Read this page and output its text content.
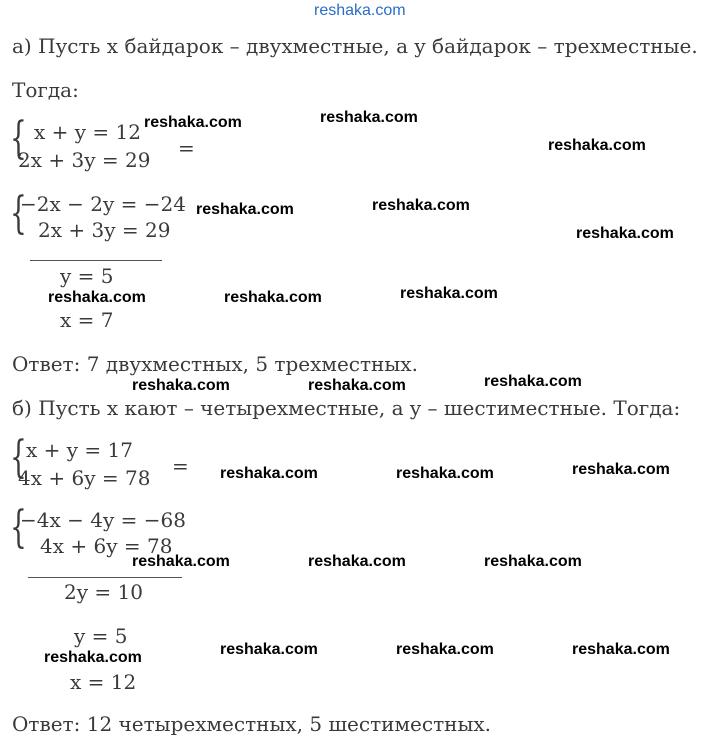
reshaka.com
а) Пусть x байдарок – двухместные, а y байдарок – трехместные.
Тогда:
{ x + y = 12
2x + 3y = 29 =
{
−2x − 2y = −24
2x + 3y = 29
y = 5
x = 7
Ответ: 7 двухместных, 5 трехместных.
б) Пусть x кают – четырехместные, а y – шестиместные. Тогда:
{ x + y = 17
4x + 6y = 78 =
{
−4x − 4y = −68
4x + 6y = 78
2y = 10
y = 5
x = 12
Ответ: 12 четырехместных, 5 шестиместных.
reshaka.com	reshaka.com
reshaka.com
reshaka.com	reshaka.com
reshaka.com
reshaka.com	reshaka.com	reshaka.com
reshaka.com	reshaka.com	reshaka.com
reshaka.com	reshaka.com	reshaka.com
reshaka.com	reshaka.com	reshaka.com
reshaka.com	reshaka.com	reshaka.com	reshaka.com
